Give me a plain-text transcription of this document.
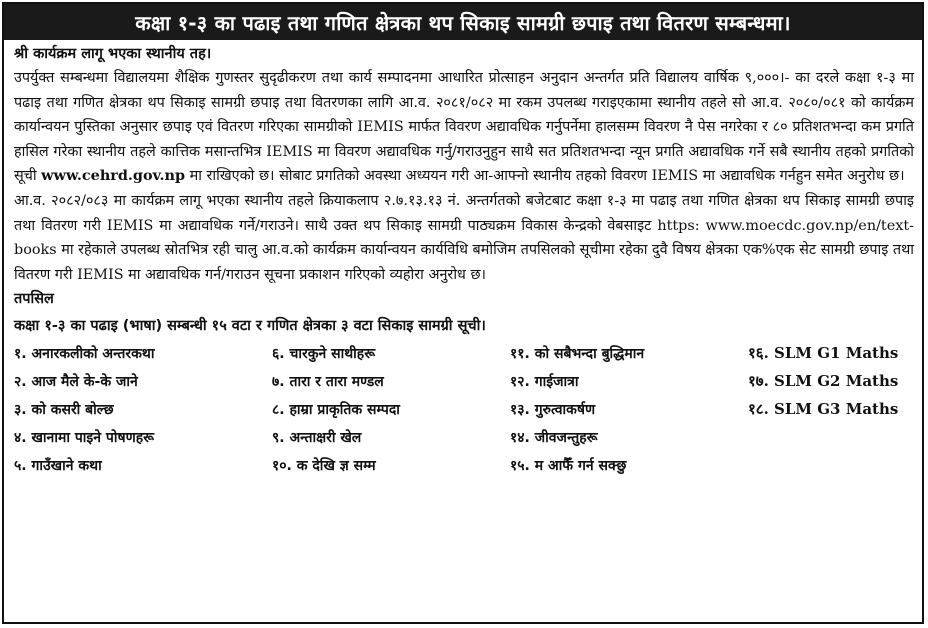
कक्षा १-३ का पढाइ तथा गणित क्षेत्रका थप सिकाइ सामग्री छपाइ तथा वितरण सम्बन्धमा।
श्री कार्यक्रम लागू भएका स्थानीय तह।

उपर्युक्त सम्बन्धमा विद्यालयमा शैक्षिक गुणस्तर सुदृढीकरण तथा कार्य सम्पादनमा आधारित प्रोत्साहन अनुदान अन्तर्गत प्रति विद्यालय वार्षिक ९,०००।- का दरले कक्षा १-३ मा पढाइ तथा गणित क्षेत्रका थप सिकाइ सामग्री छपाइ तथा वितरणका लागि आ.व. २०८१/०८२ मा रकम उपलब्ध गराइएकामा स्थानीय तहले सो आ.व. २०८०/०८१ को कार्यक्रम कार्यान्वयन पुस्तिका अनुसार छपाइ एवं वितरण गरिएका सामग्रीको IEMIS मार्फत विवरण अद्यावधिक गर्नुपर्नेमा हालसम्म विवरण नै पेस नगरेका र ८० प्रतिशतभन्दा कम प्रगति हासिल गरेका स्थानीय तहले कात्तिक मसान्तभित्र IEMIS मा विवरण अद्यावधिक गर्नु/गराउनुहुन साथै सत प्रतिशतभन्दा न्यून प्रगति अद्यावधिक गर्ने सबै स्थानीय तहको प्रगतिको सूची www.cehrd.gov.np मा राखिएको छ। सोबाट प्रगतिको अवस्था अध्ययन गरी आ-आफ्नो स्थानीय तहको विवरण IEMIS मा अद्यावधिक गर्नहुन समेत अनुरोध छ।

आ.व. २०८२/०८३ मा कार्यक्रम लागू भएका स्थानीय तहले क्रियाकलाप २.७.१३.१३ नं. अन्तर्गतको बजेटबाट कक्षा १-३ मा पढाइ तथा गणित क्षेत्रका थप सिकाइ सामग्री छपाइ तथा वितरण गरी IEMIS मा अद्यावधिक गर्ने/गराउने। साथै उक्त थप सिकाइ सामग्री पाठ्यक्रम विकास केन्द्रको वेबसाइट https: www.moecdc.gov.np/en/text-books मा रहेकाले उपलब्ध स्रोतभित्र रही चालु आ.व.को कार्यक्रम कार्यान्वयन कार्यविधि बमोजिम तपसिलको सूचीमा रहेका दुवै विषय क्षेत्रका एक%एक सेट सामग्री छपाइ तथा वितरण गरी IEMIS मा अद्यावधिक गर्न/गराउन सूचना प्रकाशन गरिएको व्यहोरा अनुरोध छ।

तपसिल
कक्षा १-३ का पढाइ (भाषा) सम्बन्धी १५ वटा र गणित क्षेत्रका ३ वटा सिकाइ सामग्री सूची।
१. अनारकलीको अन्तरकथा	६. चारकुने साथीहरू	११. को सबैभन्दा बुद्धिमान	१६. SLM G1 Maths
२. आज मैले के-के जाने	७. तारा र तारा मण्डल	१२. गाईजात्रा	१७. SLM G2 Maths
३. को कसरी बोल्छ	८. हाम्रा प्राकृतिक सम्पदा	१३. गुरुत्वाकर्षण	१८. SLM G3 Maths
४. खानामा पाइने पोषणहरू	९. अन्ताक्षरी खेल	१४. जीवजन्तुहरू
५. गाउँखाने कथा	१०. क देखि ज्ञ सम्म	१५. म आफैँ गर्न सक्छु
